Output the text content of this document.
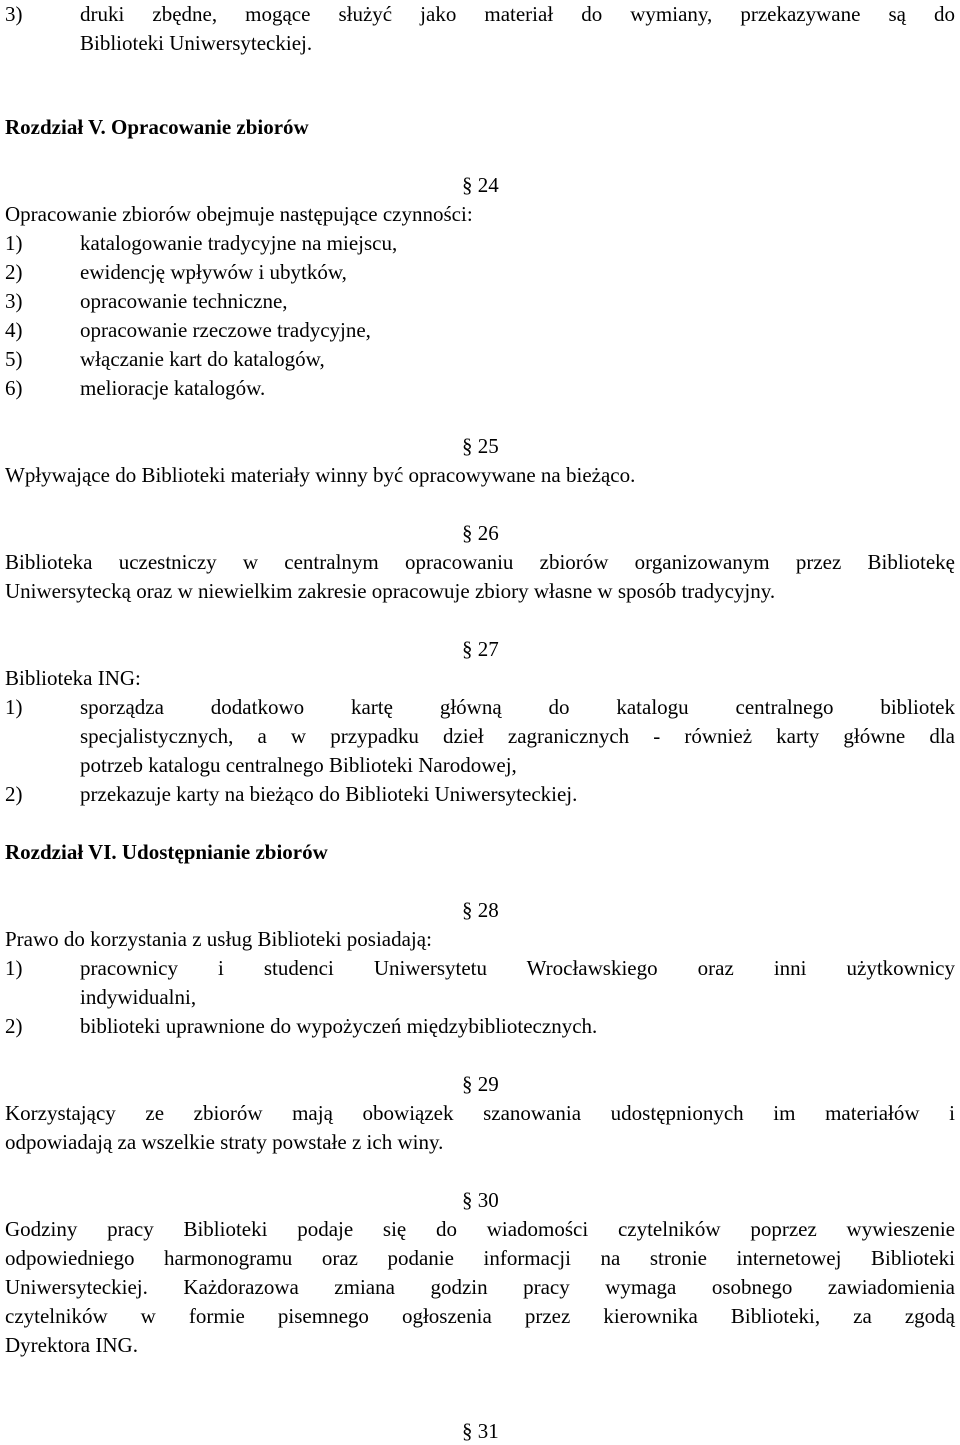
3)	druki zbędne, mogące służyć jako materiał do wymiany, przekazywane są do
Biblioteki Uniwersyteckiej.
Rozdział V. Opracowanie zbiorów
§ 24
Opracowanie zbiorów obejmuje następujące czynności:
1)	katalogowanie tradycyjne na miejscu,
2)	ewidencję wpływów i ubytków,
3)	opracowanie techniczne,
4)	opracowanie rzeczowe tradycyjne,
5)	włączanie kart do katalogów,
6)	melioracje katalogów.
§ 25
Wpływające do Biblioteki materiały winny być opracowywane na bieżąco.
§ 26
Biblioteka uczestniczy w centralnym opracowaniu zbiorów organizowanym przez Bibliotekę
Uniwersytecką oraz w niewielkim zakresie opracowuje zbiory własne w sposób tradycyjny.
§ 27
Biblioteka ING:
1)	sporządza dodatkowo kartę główną do katalogu centralnego bibliotek
specjalistycznych, a w przypadku dzieł zagranicznych - również karty główne dla
potrzeb katalogu centralnego Biblioteki Narodowej,
2)	przekazuje karty na bieżąco do Biblioteki Uniwersyteckiej.
Rozdział VI. Udostępnianie zbiorów
§ 28
Prawo do korzystania z usług Biblioteki posiadają:
1)	pracownicy i studenci Uniwersytetu Wrocławskiego oraz inni użytkownicy
indywidualni,
2)	biblioteki uprawnione do wypożyczeń międzybibliotecznych.
§ 29
Korzystający ze zbiorów mają obowiązek szanowania udostępnionych im materiałów i
odpowiadają za wszelkie straty powstałe z ich winy.
§ 30
Godziny pracy Biblioteki podaje się do wiadomości czytelników poprzez wywieszenie
odpowiedniego harmonogramu oraz podanie informacji na stronie internetowej Biblioteki
Uniwersyteckiej. Każdorazowa zmiana godzin pracy wymaga osobnego zawiadomienia
czytelników w formie pisemnego ogłoszenia przez kierownika Biblioteki, za zgodą
Dyrektora ING.
§ 31
